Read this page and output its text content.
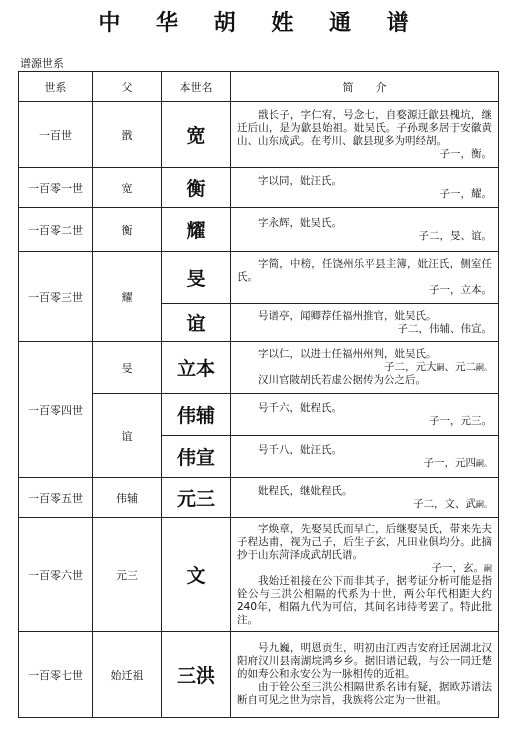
中 华 胡 姓 通 谱
谱源世系
世系	父	本世名	简　　介
一百世	戩	宽	戩长子，字仁宥，号念七，自婺源迁歙县槐坑，继迁后山，是为歙县始祖。妣吴氏。子孙现多居于安徽黄山、山东成武。在考川、歙县现多为明经胡。
子一，衡。

一百零一世	宽	衡	字以同，妣汪氏。
子一，耀。

一百零二世	衡	耀	字永辉，妣吴氏。
子二，旻、谊。

一百零三世	耀	旻	字简，中榜，任饶州乐平县主簿，妣汪氏，侧室任氏。
子一，立本。

		谊	号谱亭，闻卿荐任福州推官，妣吴氏。
子二，伟辅、伟宣。

一百零四世	旻	立本	字以仁，以进士任福州州判，妣吴氏。
子二，元大嗣、元二嗣。
汉川官陂胡氏若虚公据传为公之后。

	谊	伟辅	号千六，妣程氏。
子一，元三。

		伟宣	号千八，妣汪氏。
子一，元四嗣。

一百零五世	伟辅	元三	妣程氏，继妣程氏。
子二，文、武嗣。

一百零六世	元三	文	字焕章，先娶吴氏而早亡，后继娶吴氏，带来先夫子程达甫，视为己子，后生子玄，凡田业俱均分。此摘抄于山东菏泽成武胡氏谱。
子一，玄。嗣
我始迁祖接在公下而非其子，据考证分析可能是指铨公与三洪公相隔的代系为十世，两公年代相距大约240年，相隔九代为可信，其间名讳待考罢了。特此批注。

一百零七世	始迁祖	三洪	号九巍，明恩贡生，明初由江西吉安府迁居湖北汉阳府汉川县南湖垸鸿乡乡。据旧谱记载，与公一同迁楚的如寿公和永安公为一脉相传的近祖。
由于铨公至三洪公相隔世系名讳有疑，据欧苏谱法断自可见之世为宗旨，我族将公定为一世祖。
